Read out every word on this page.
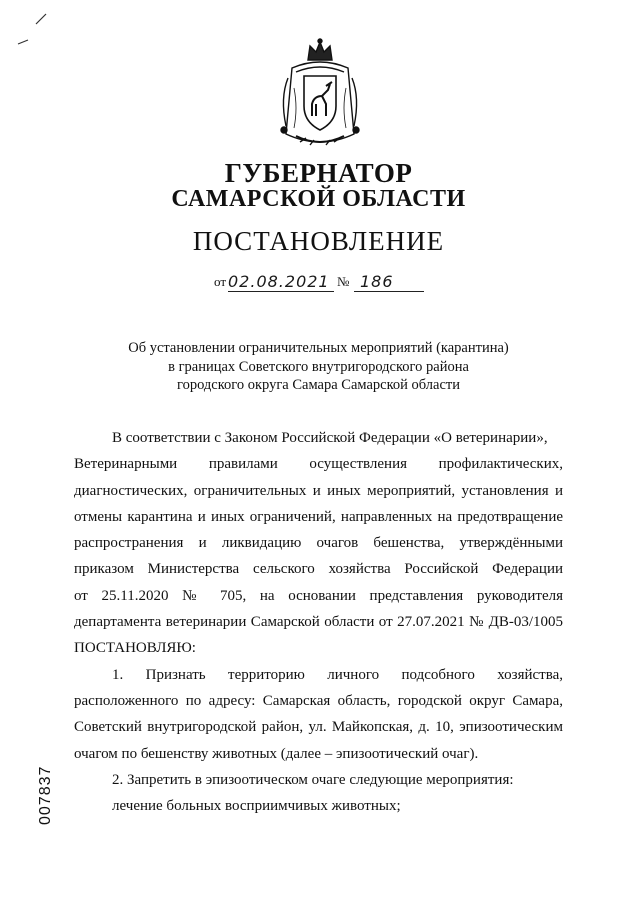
ГУБЕРНАТОР
САМАРСКОЙ ОБЛАСТИ
ПОСТАНОВЛЕНИЕ
от 02.08.2021 № 186
Об установлении ограничительных мероприятий (карантина)
в границах Советского внутригородского района
городского округа Самара Самарской области
В соответствии с Законом Российской Федерации «О ветеринарии»,
Ветеринарными правилами осуществления профилактических,
диагностических, ограничительных и иных мероприятий, установления и
отмены карантина и иных ограничений, направленных на предотвращение
распространения и ликвидацию очагов бешенства, утверждёнными
приказом Министерства сельского хозяйства Российской Федерации
от 25.11.2020 № 705, на основании представления руководителя
департамента ветеринарии Самарской области от 27.07.2021 № ДВ-03/1005
ПОСТАНОВЛЯЮ:
1. Признать территорию личного подсобного хозяйства,
расположенного по адресу: Самарская область, городской округ Самара,
Советский внутригородской район, ул. Майкопская, д. 10, эпизоотическим
очагом по бешенству животных (далее – эпизоотический очаг).
2. Запретить в эпизоотическом очаге следующие мероприятия:
лечение больных восприимчивых животных;
007837
